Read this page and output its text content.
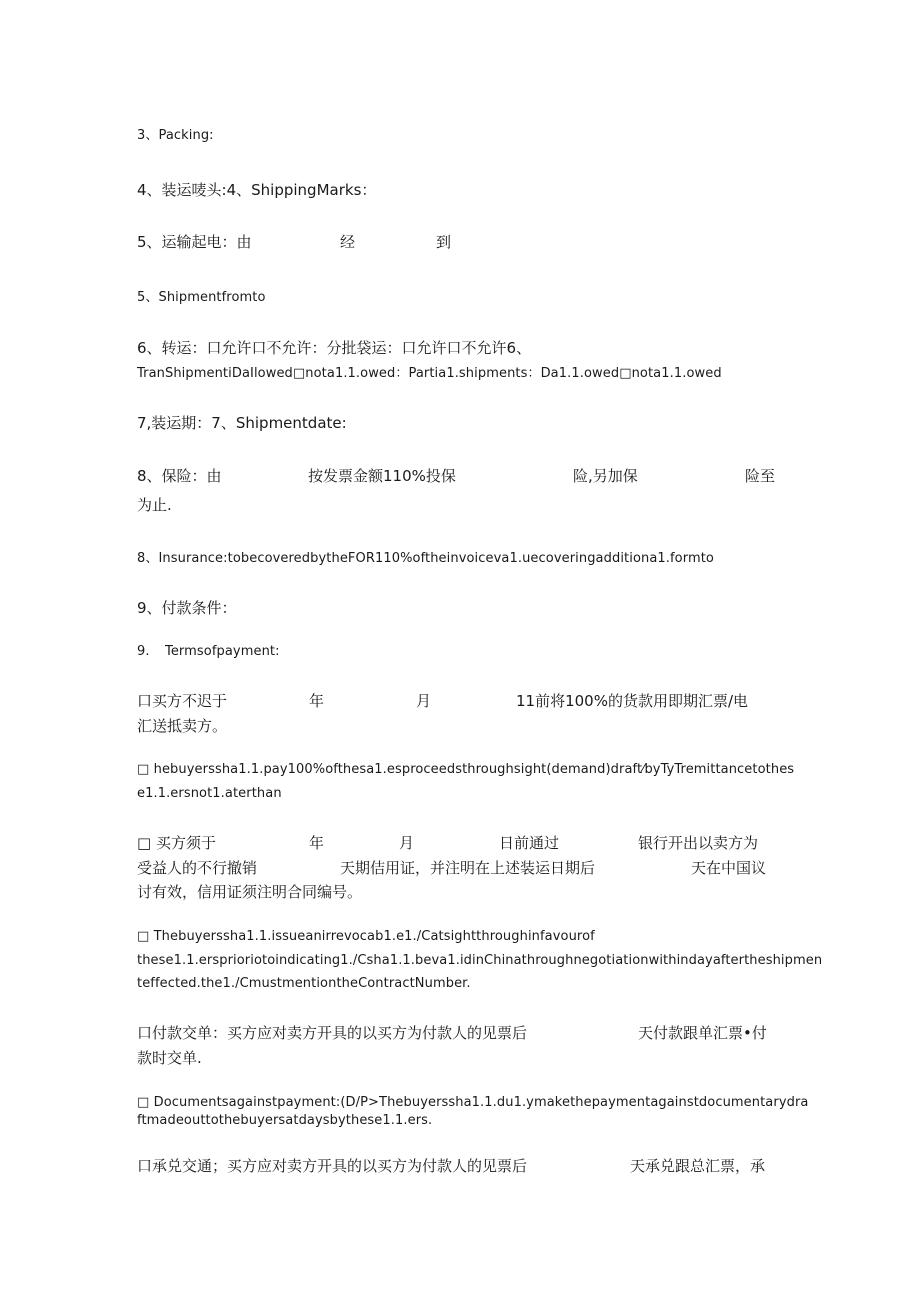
3、Packing:

4、装运唛头:4、ShippingMarks：

5、运输起电：由	经	到

5、Shipmentfromto

6、转运：口允许口不允许：分批袋运：口允许口不允许6、

TranShipmentiDaIlowed□nota1.1.owed：Partia1.shipments：Da1.1.owed□nota1.1.owed

7,装运期：7、Shipmentdate:

8、保险：由	按发票金额110%投保	险,另加保	险至

为止.

8、Insurance:tobecoveredbytheFOR110%oftheinvoiceva1.uecoveringadditiona1.formto

9、付款条件：

9. Termsofpayment:
口买方不迟于	年	月	11前将100%的货款用即期汇票/电

汇送抵卖方。

□ hebuyerssha1.1.pay100%ofthesa1.esproceedsthroughsight(demand)draft⁄byTyTremittancetothes

e1.1.ersnot1.aterthan

□ 买方须于	年	月	日前通过	银行开出以卖方为
受益人的不行撤销	天期佶用证，并注明在上述装运日期后	天在中国议

讨有效，信用证须注明合同编号。

□ Thebuyerssha1.1.issueanirrevocab1.e1./Catsightthroughinfavourof

these1.1.ersprioriotoindicating1./Csha1.1.beva1.idinChinathroughnegotiationwithindayaftertheshipmen

teffected.the1./CmustmentiontheContractNumber.

口付款交单：买方应对卖方开具的以买方为付款人的见票后	天付款跟单汇票•付

款时交单.

□ Documentsagainstpayment:(D/P>Thebuyerssha1.1.du1.ymakethepaymentagainstdocumentarydra

ftmadeouttothebuyersatdaysbythese1.1.ers.

口承兑交通；买方应对卖方开具的以买方为付款人的见票后	天承兑跟总汇票，承
